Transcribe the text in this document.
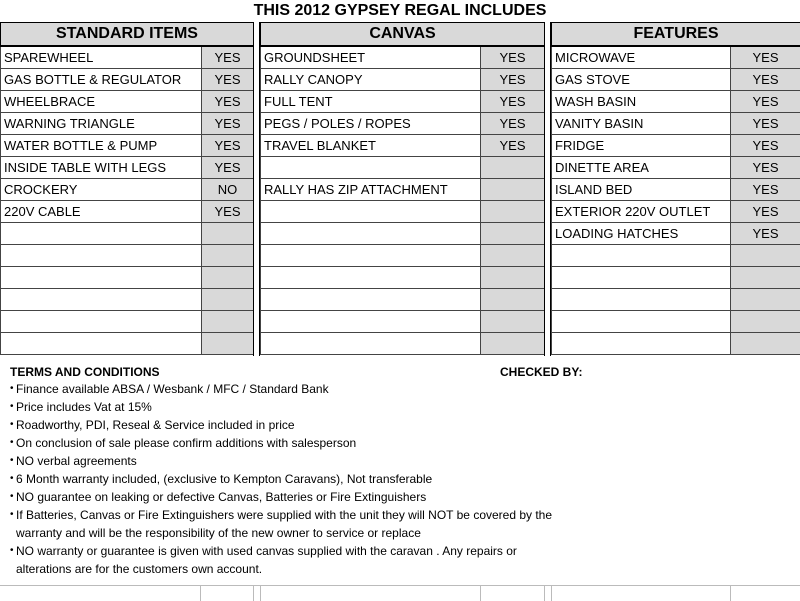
THIS 2012 GYPSEY REGAL INCLUDES
STANDARD ITEMS	
SPAREWHEEL	YES
GAS BOTTLE & REGULATOR	YES
WHEELBRACE	YES
WARNING TRIANGLE	YES
WATER BOTTLE & PUMP	YES
INSIDE TABLE WITH LEGS	YES
CROCKERY	NO
220V CABLE	YES

CANVAS	
GROUNDSHEET	YES
RALLY CANOPY	YES
FULL TENT	YES
PEGS / POLES / ROPES	YES
TRAVEL BLANKET	YES

RALLY HAS ZIP ATTACHMENT	

FEATURES	
MICROWAVE	YES
GAS STOVE	YES
WASH BASIN	YES
VANITY BASIN	YES
FRIDGE	YES
DINETTE AREA	YES
ISLAND BED	YES
EXTERIOR 220V OUTLET	YES
LOADING HATCHES	YES

TERMS AND CONDITIONS
• Finance available ABSA / Wesbank / MFC / Standard Bank
• Price includes Vat at 15%
• Roadworthy, PDI, Reseal & Service included in price
• On conclusion of sale please confirm additions with salesperson
• NO verbal agreements
• 6 Month warranty included, (exclusive to Kempton Caravans), Not transferable
• NO guarantee on leaking or defective Canvas, Batteries or Fire Extinguishers
• If Batteries, Canvas or Fire Extinguishers were supplied with the unit they will NOT be covered by the
warranty and will be the responsibility of the new owner to service or replace
• NO warranty or guarantee is given with used canvas supplied with the caravan . Any repairs or
alterations are for the customers own account.
CHECKED BY:
